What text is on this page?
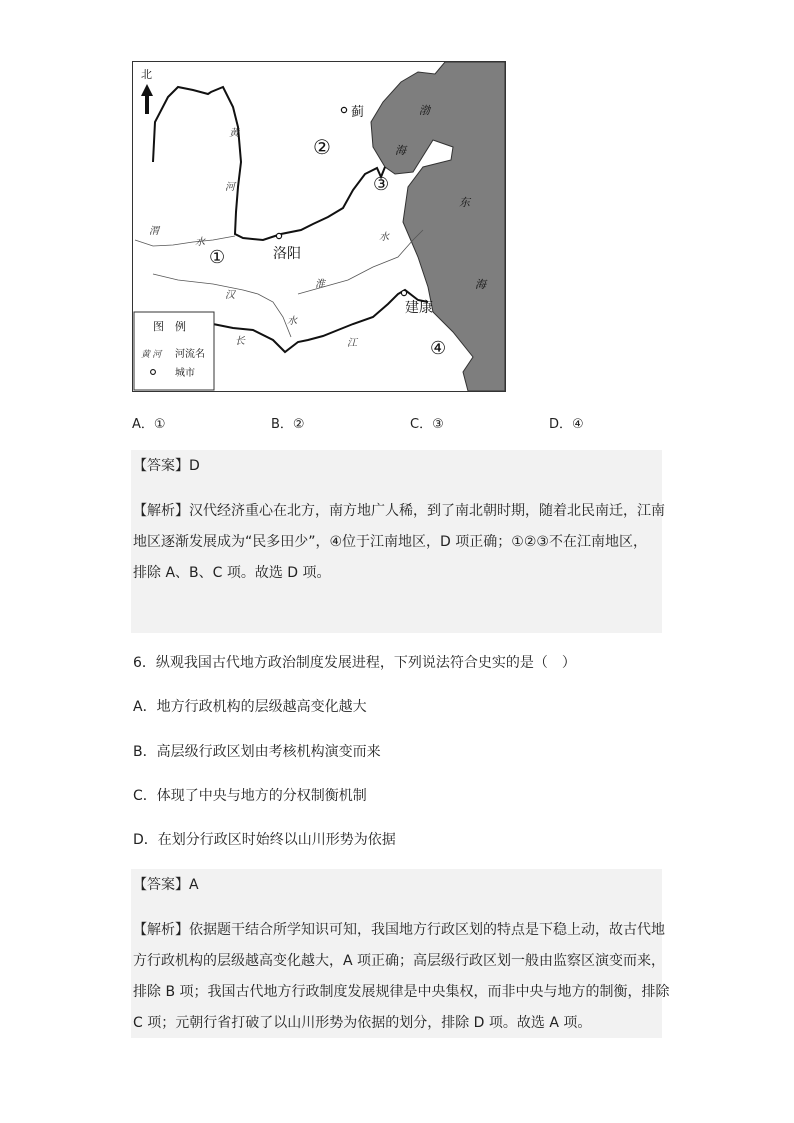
北
蓟
洛阳
建康
①
②
③
④
渤
海
东
海
黄
河
渭
水
淮
水
汉
水
长	江
图　例
黄 河 河流名
城市
A．①	B．②	C．③	D．④
【答案】D
【解析】汉代经济重心在北方，南方地广人稀，到了南北朝时期，随着北民南迁，江南
地区逐渐发展成为“民多田少”，④位于江南地区，D 项正确；①②③不在江南地区，
排除 A、B、C 项。故选 D 项。
6．纵观我国古代地方政治制度发展进程，下列说法符合史实的是（　）
A．地方行政机构的层级越高变化越大
B．高层级行政区划由考核机构演变而来
C．体现了中央与地方的分权制衡机制
D．在划分行政区时始终以山川形势为依据
【答案】A
【解析】依据题干结合所学知识可知，我国地方行政区划的特点是下稳上动，故古代地
方行政机构的层级越高变化越大，A 项正确；高层级行政区划一般由监察区演变而来，
排除 B 项；我国古代地方行政制度发展规律是中央集权，而非中央与地方的制衡，排除
C 项；元朝行省打破了以山川形势为依据的划分，排除 D 项。故选 A 项。
